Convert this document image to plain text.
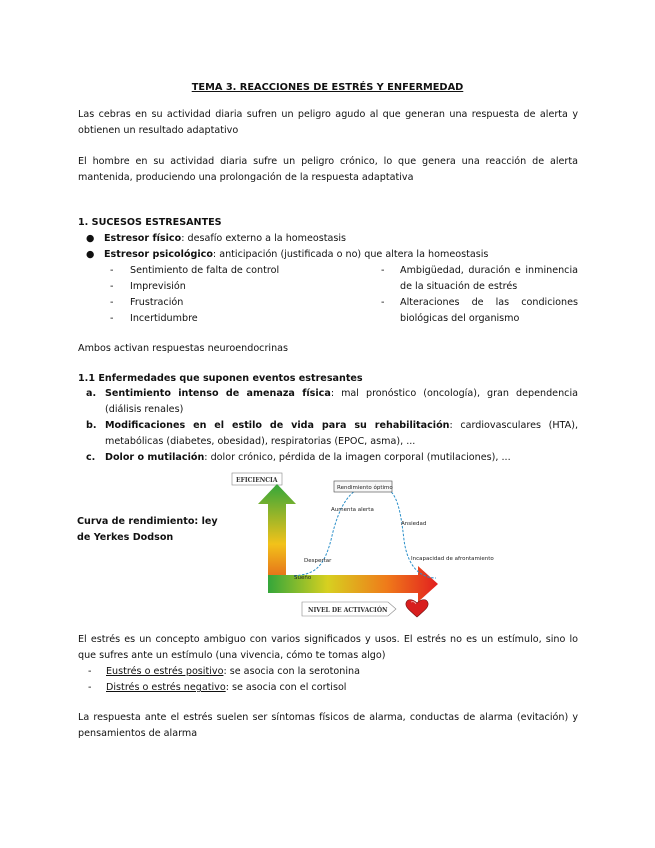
TEMA 3. REACCIONES DE ESTRÉS Y ENFERMEDAD
Las cebras en su actividad diaria sufren un peligro agudo al que generan una respuesta de alerta y obtienen un resultado adaptativo
El hombre en su actividad diaria sufre un peligro crónico, lo que genera una reacción de alerta mantenida, produciendo una prolongación de la respuesta adaptativa
1. SUCESOS ESTRESANTES
● Estresor físico: desafío externo a la homeostasis
● Estresor psicológico: anticipación (justificada o no) que altera la homeostasis
- Sentimiento de falta de control
- Imprevisión
- Frustración
- Incertidumbre
- Ambigüedad, duración e inminencia de la situación de estrés
- Alteraciones de las condiciones biológicas del organismo
Ambos activan respuestas neuroendocrinas
1.1 Enfermedades que suponen eventos estresantes
a. Sentimiento intenso de amenaza física: mal pronóstico (oncología), gran dependencia (diálisis renales)
b. Modificaciones en el estilo de vida para su rehabilitación: cardiovasculares (HTA), metabólicas (diabetes, obesidad), respiratorias (EPOC, asma), ...
c. Dolor o mutilación: dolor crónico, pérdida de la imagen corporal (mutilaciones), ...
Curva de rendimiento: ley de Yerkes Dodson
EFICIENCIA
Rendimiento óptimo
Aumenta alerta
Ansiedad
Despertar
Sueño
Incapacidad de afrontamiento
NIVEL DE ACTIVACIÓN
El estrés es un concepto ambiguo con varios significados y usos. El estrés no es un estímulo, sino lo que sufres ante un estímulo (una vivencia, cómo te tomas algo)
- Eustrés o estrés positivo: se asocia con la serotonina
- Distrés o estrés negativo: se asocia con el cortisol
La respuesta ante el estrés suelen ser síntomas físicos de alarma, conductas de alarma (evitación) y pensamientos de alarma
